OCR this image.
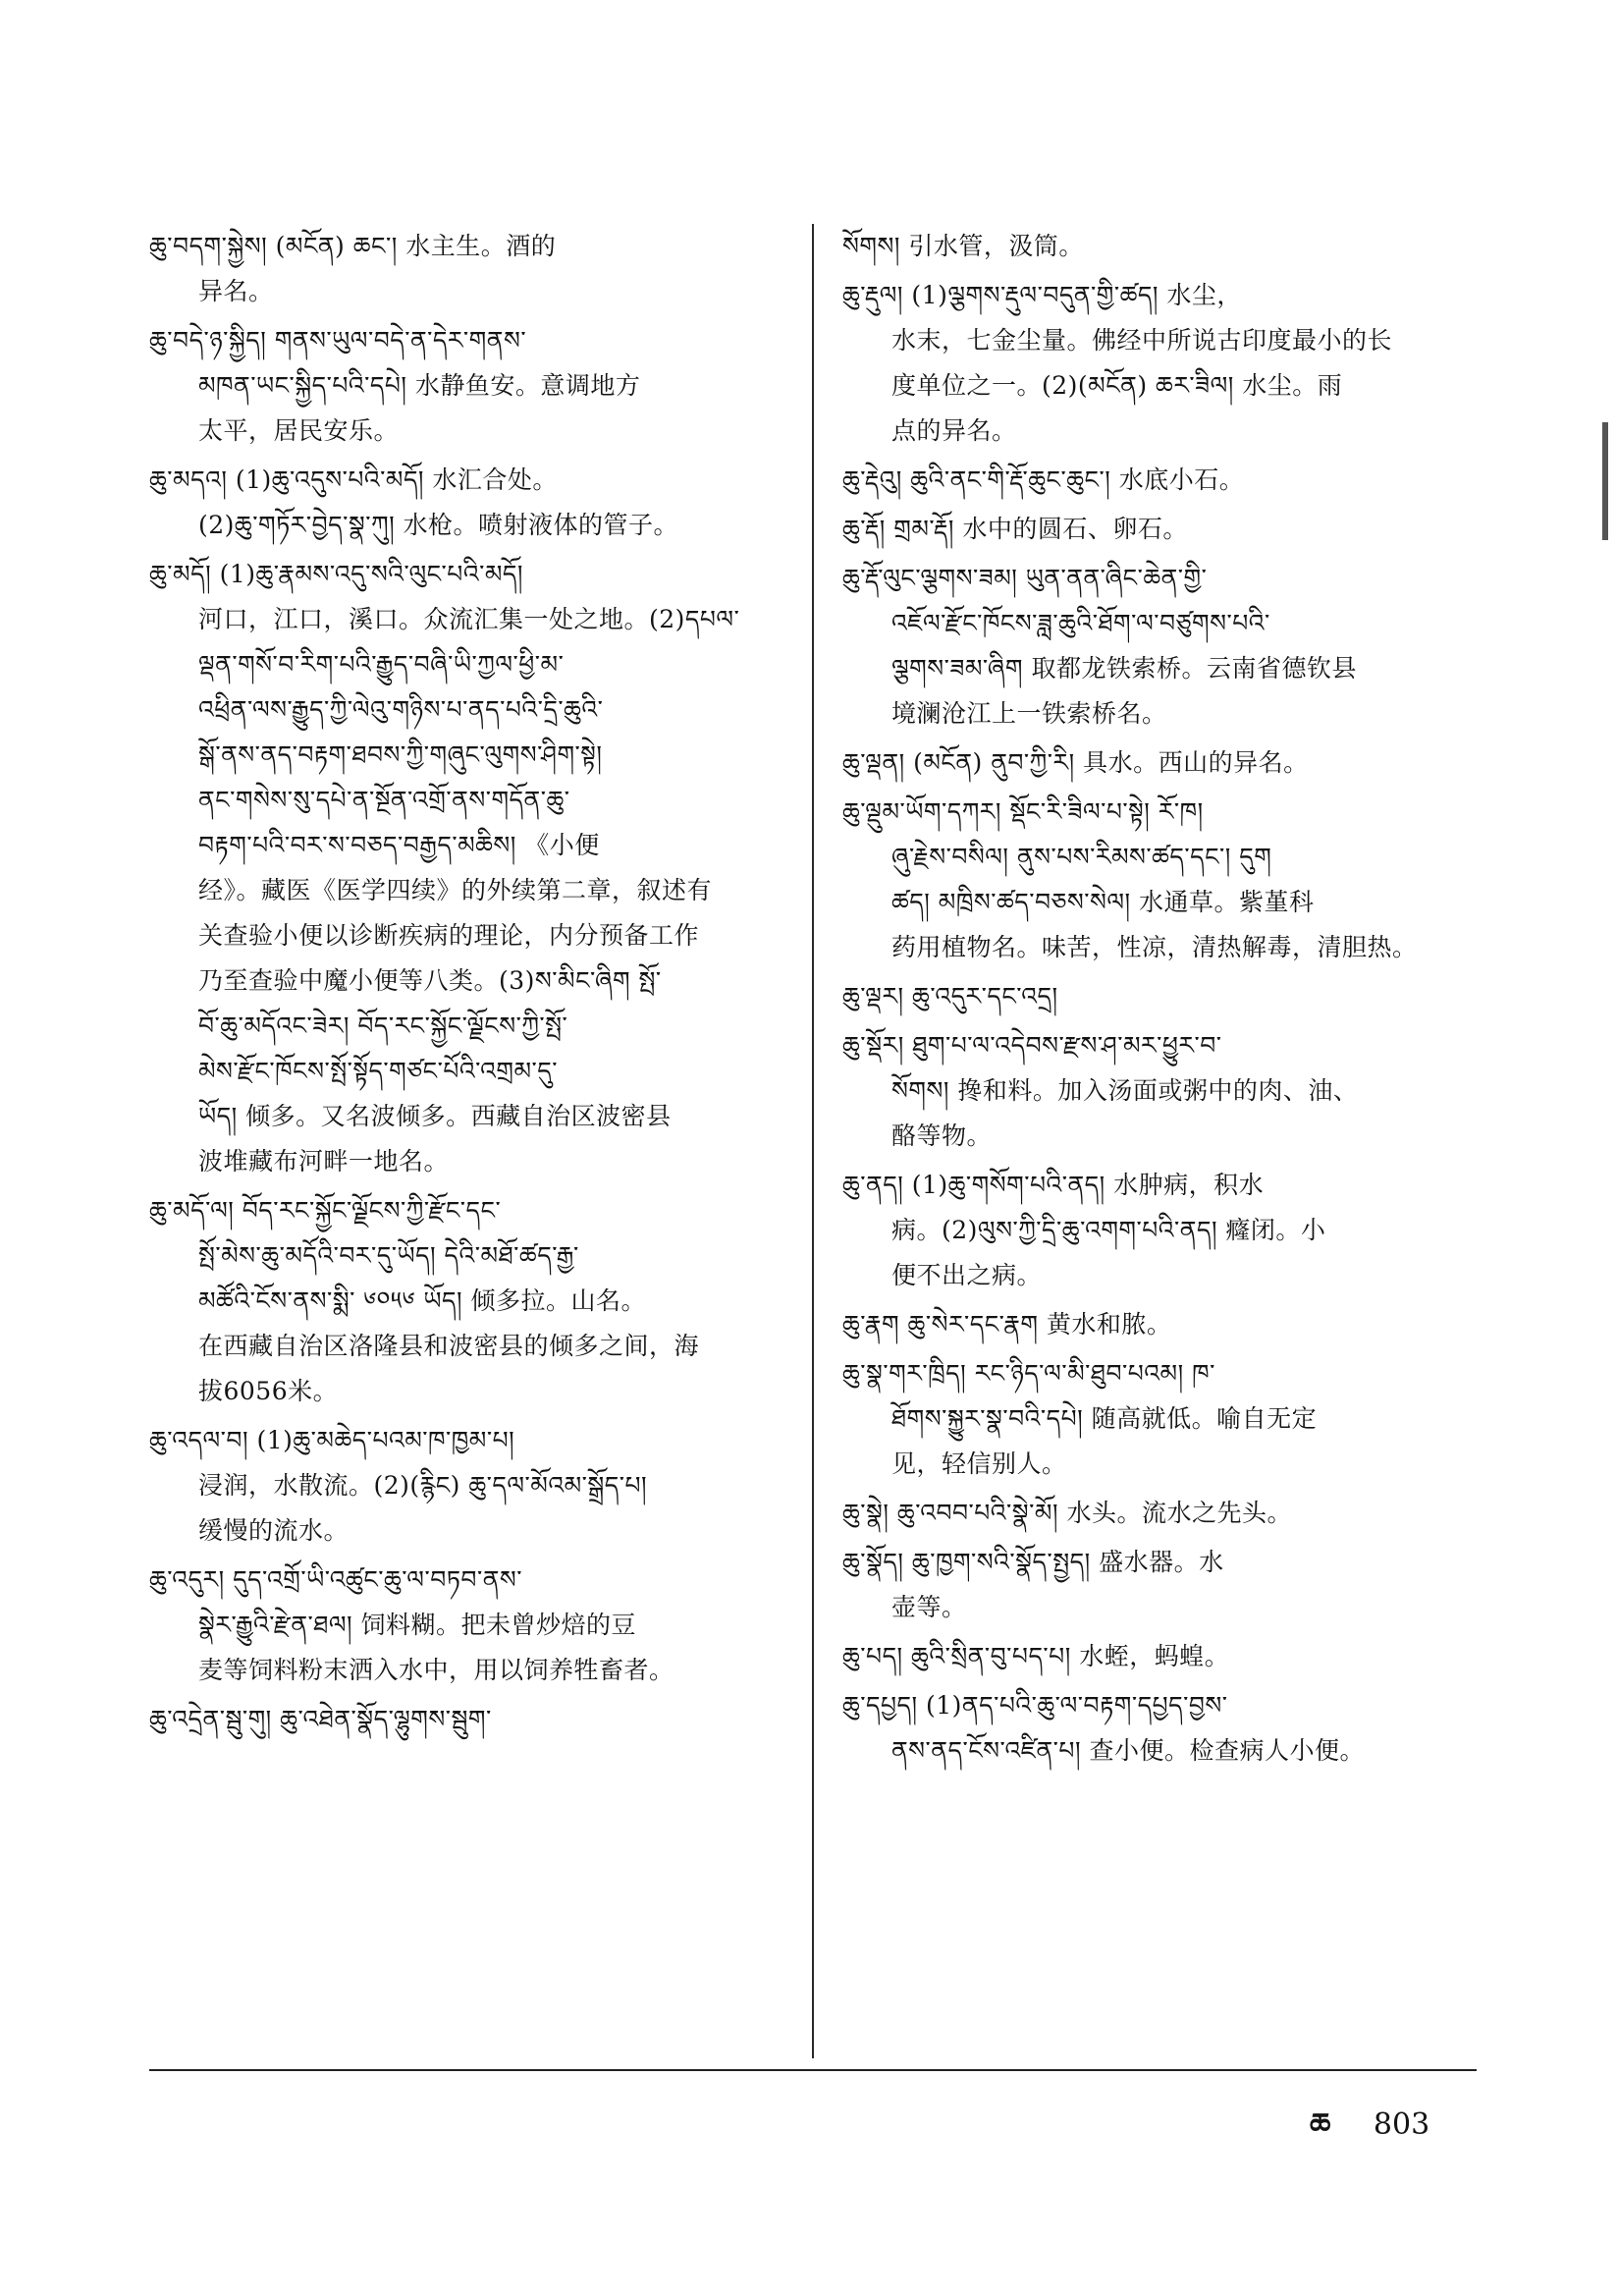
ཆུ་བདག་སྐྱེས། (མངོན) ཆང་། 水主生。酒的
异名。
ཆུ་བདེ་ཉ་སྐྱིད། གནས་ཡུལ་བདེ་ན་དེར་གནས་
མཁན་ཡང་སྐྱིད་པའི་དཔེ། 水静鱼安。意调地方
太平，居民安乐。
ཆུ་མདའ། (1)ཆུ་འདུས་པའི་མདོ། 水汇合处。
(2)ཆུ་གཏོར་བྱེད་སྣ་ཀུ། 水枪。喷射液体的管子。
ཆུ་མདོ། (1)ཆུ་རྣམས་འདུ་སའི་ལུང་པའི་མདོ།
河口，江口，溪口。众流汇集一处之地。(2)དཔལ་
ལྡན་གསོ་བ་རིག་པའི་རྒྱུད་བཞི་ཡི་ཀྱལ་ཕྱི་མ་
འཕྲིན་ལས་རྒྱུད་ཀྱི་ལེའུ་གཉིས་པ་ནད་པའི་དྲི་ཆུའི་
སྒོ་ནས་ནད་བརྟག་ཐབས་ཀྱི་གཞུང་ལུགས་ཤིག་སྟེ།
ནང་གསེས་སུ་དཔེ་ན་སྔོན་འགྲོ་ནས་གདོན་ཆུ་
བརྟག་པའི་བར་ས་བཅད་བརྒྱད་མཆིས། 《小便
经》。藏医《医学四续》的外续第二章，叙述有
关查验小便以诊断疾病的理论，内分预备工作
乃至查验中魔小便等八类。(3)ས་མིང་ཞིག སྤོ་
བོ་ཆུ་མདོའང་ཟེར། བོད་རང་སྐྱོང་ལྗོངས་ཀྱི་སྤོ་
མེས་རྫོང་ཁོངས་སྤོ་སྟོད་གཙང་པོའི་འགྲམ་དུ་
ཡོད། 倾多。又名波倾多。西藏自治区波密县
波堆藏布河畔一地名。
ཆུ་མདོ་ལ། བོད་རང་སྐྱོང་ལྗོངས་ཀྱི་རྫོང་དང་
སྤོ་མེས་ཆུ་མདོའི་བར་དུ་ཡོད། དེའི་མཐོ་ཚད་རྒྱ་
མཚོའི་ངོས་ནས་སྨི་ ༦༠༥༦ ཡོད། 倾多拉。山名。
在西藏自治区洛隆县和波密县的倾多之间，海
拔6056米。
ཆུ་འདལ་བ། (1)ཆུ་མཆེད་པའམ་ཁ་ཁྱམ་པ།
浸润，水散流。(2)(རྙིང) ཆུ་དལ་མོའམ་སྒྲོད་པ།
缓慢的流水。
ཆུ་འདུར། དུད་འགྲོ་ཡི་འཚུང་ཆུ་ལ་བཏབ་ནས་
སྣེར་རྒྱུའི་རྫེན་ཐལ། 饲料糊。把未曾炒焙的豆
麦等饲料粉末洒入水中，用以饲养牲畜者。
ཆུ་འདྲེན་སྦུ་གུ། ཆུ་འཐེན་སྣོད་ལྷུགས་སྦུག་
སོགས། 引水管，汲筒。
ཆུ་རྡུལ། (1)ལྕགས་རྡུལ་བདུན་གྱི་ཚད། 水尘，
水末，七金尘量。佛经中所说古印度最小的长
度单位之一。(2)(མངོན) ཆར་ཟིལ། 水尘。雨
点的异名。
ཆུ་རྡེའུ། ཆུའི་ནང་གི་རྡོ་ཆུང་ཆུང་། 水底小石。
ཆུ་རྡོ། གྲམ་རྡོ། 水中的圆石、卵石。
ཆུ་རྡོ་ལུང་ལྕགས་ཟམ། ཡུན་ནན་ཞིང་ཆེན་གྱི་
འཇོལ་རྫོང་ཁོངས་ཟླ་ཆུའི་ཐོག་ལ་བཙུགས་པའི་
ལྕགས་ཟམ་ཞིག 取都龙铁索桥。云南省德钦县
境澜沧江上一铁索桥名。
ཆུ་ལྡན། (མངོན) ནུབ་ཀྱི་རི། 具水。西山的异名。
ཆུ་ལྡུམ་ཡོག་དཀར། སྡོང་རི་ཟིལ་པ་སྟེ། རོ་ཁ།
ཞུ་རྗེས་བསིལ། ནུས་པས་རིམས་ཚད་དང་། དུག
ཚད། མཁྲིས་ཚད་བཅས་སེལ། 水通草。紫堇科
药用植物名。味苦，性凉，清热解毒，清胆热。
ཆུ་ལྡར། ཆུ་འདུར་དང་འདྲ།
ཆུ་སྡོར། ཐུག་པ་ལ་འདེབས་རྫས་ཤ་མར་ཕྱུར་བ་
སོགས། 搀和料。加入汤面或粥中的肉、油、
酪等物。
ཆུ་ནད། (1)ཆུ་གསོག་པའི་ནད། 水肿病，积水
病。(2)ལུས་ཀྱི་དྲི་ཆུ་འགག་པའི་ནད། 癃闭。小
便不出之病。
ཆུ་རྣག ཆུ་སེར་དང་རྣག 黄水和脓。
ཆུ་སྣ་གར་ཁྲིད། རང་ཉིད་ལ་མི་ཐུབ་པའམ། ཁ་
ཐོགས་སྐྱུར་སྣ་བའི་དཔེ། 随高就低。喻自无定
见，轻信别人。
ཆུ་སྣེ། ཆུ་འབབ་པའི་སྣེ་མོ། 水头。流水之先头。
ཆུ་སྣོད། ཆུ་ཁྱག་སའི་སྣོད་སྤྱད། 盛水器。水
壶等。
ཆུ་པད། ཆུའི་སྲིན་བུ་པད་པ། 水蛭，蚂蝗。
ཆུ་དཔྱད། (1)ནད་པའི་ཆུ་ལ་བརྟག་དཔྱད་བྱས་
ནས་ནད་ངོས་འཛིན་པ། 查小便。检查病人小便。
ཆ 803
